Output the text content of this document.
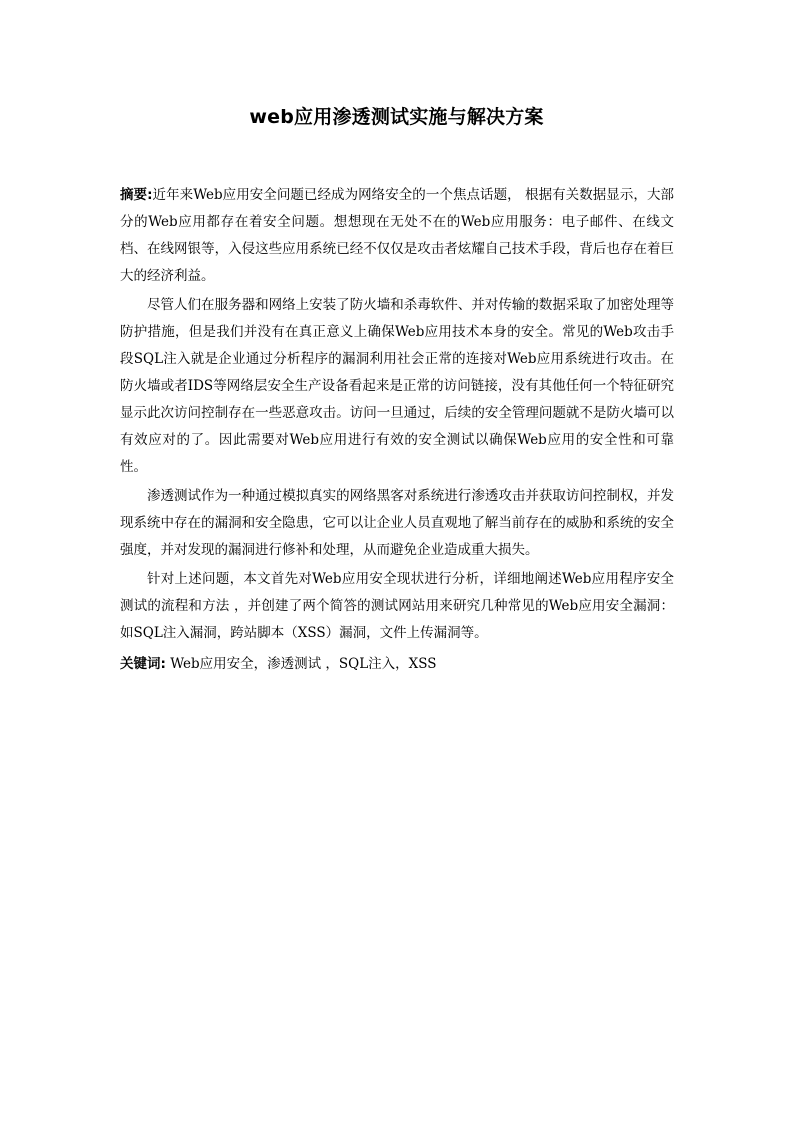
web应用渗透测试实施与解决方案

摘要:近年来Web应用安全问题已经成为网络安全的一个焦点话题， 根据有关数据显示，大部分的Web应用都存在着安全问题。想想现在无处不在的Web应用服务：电子邮件、在线文档、在线网银等，入侵这些应用系统已经不仅仅是攻击者炫耀自己技术手段，背后也存在着巨大的经济利益。

尽管人们在服务器和网络上安装了防火墙和杀毒软件、并对传输的数据采取了加密处理等防护措施，但是我们并没有在真正意义上确保Web应用技术本身的安全。常见的Web攻击手段SQL注入就是企业通过分析程序的漏洞利用社会正常的连接对Web应用系统进行攻击。在防火墙或者IDS等网络层安全生产设备看起来是正常的访问链接，没有其他任何一个特征研究显示此次访问控制存在一些恶意攻击。访问一旦通过，后续的安全管理问题就不是防火墙可以有效应对的了。因此需要对Web应用进行有效的安全测试以确保Web应用的安全性和可靠性。

渗透测试作为一种通过模拟真实的网络黑客对系统进行渗透攻击并获取访问控制权，并发现系统中存在的漏洞和安全隐患，它可以让企业人员直观地了解当前存在的威胁和系统的安全强度，并对发现的漏洞进行修补和处理，从而避免企业造成重大损失。

针对上述问题，本文首先对Web应用安全现状进行分析，详细地阐述Web应用程序安全测试的流程和方法 ，并创建了两个简答的测试网站用来研究几种常见的Web应用安全漏洞：如SQL注入漏洞，跨站脚本（XSS）漏洞，文件上传漏洞等。

关键词: Web应用安全，渗透测试 ，SQL注入，XSS
